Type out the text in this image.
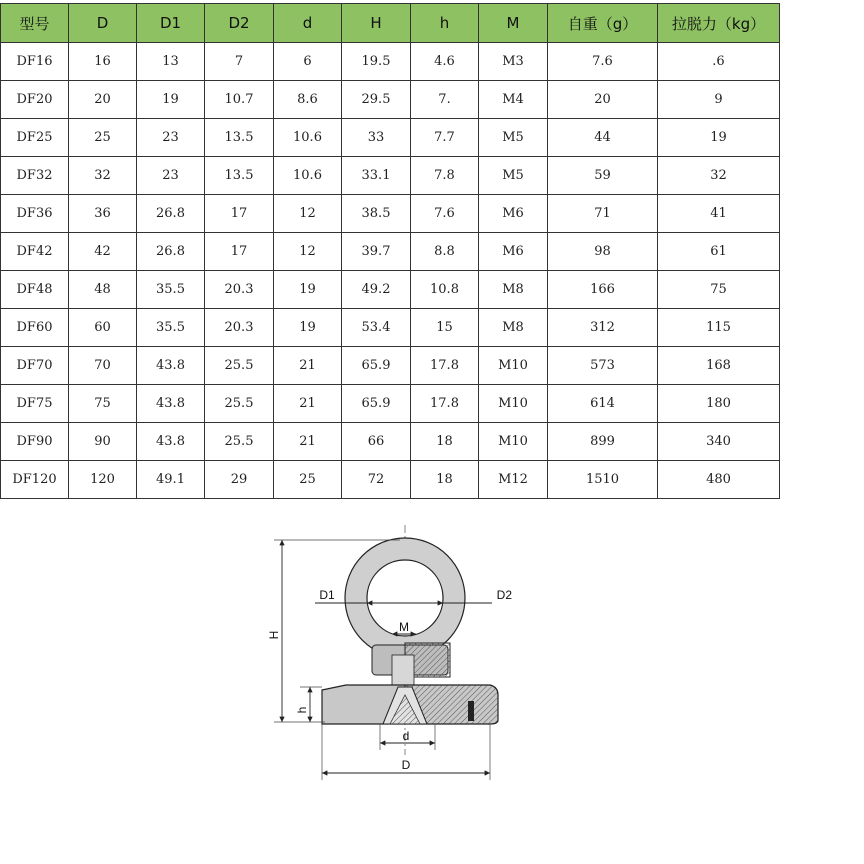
型号	D	D1	D2	d	H	h	M	自重（g）	拉脱力（kg）
DF16	16	13	7	6	19.5	4.6	M3	7.6	.6
DF20	20	19	10.7	8.6	29.5	7.	M4	20	9
DF25	25	23	13.5	10.6	33	7.7	M5	44	19
DF32	32	23	13.5	10.6	33.1	7.8	M5	59	32
DF36	36	26.8	17	12	38.5	7.6	M6	71	41
DF42	42	26.8	17	12	39.7	8.8	M6	98	61
DF48	48	35.5	20.3	19	49.2	10.8	M8	166	75
DF60	60	35.5	20.3	19	53.4	15	M8	312	115
DF70	70	43.8	25.5	21	65.9	17.8	M10	573	168
DF75	75	43.8	25.5	21	65.9	17.8	M10	614	180
DF90	90	43.8	25.5	21	66	18	M10	899	340
DF120	120	49.1	29	25	72	18	M12	1510	480
H
h
D1	D2
M
d
D
